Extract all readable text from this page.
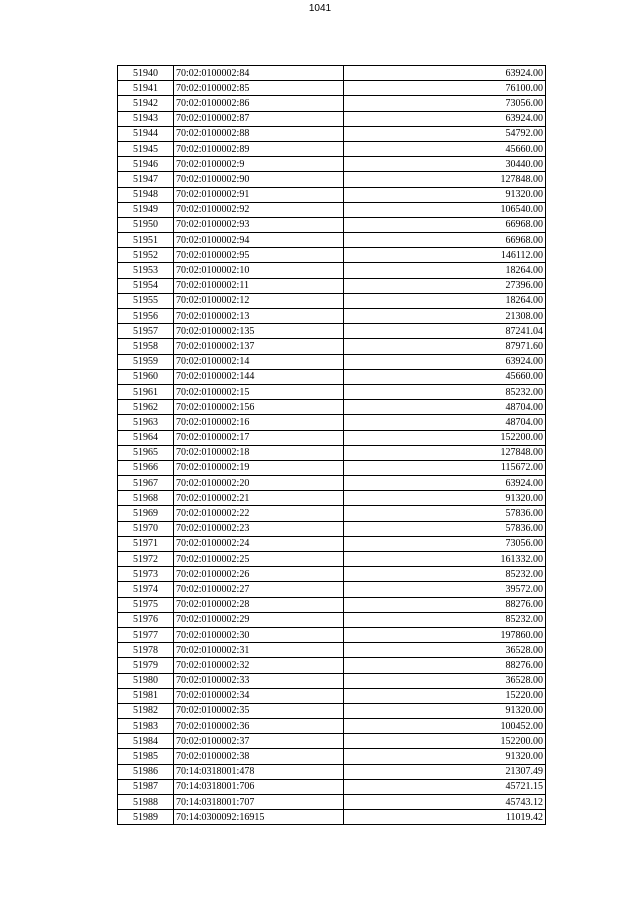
1041
51940	70:02:0100002:84	63924.00
51941	70:02:0100002:85	76100.00
51942	70:02:0100002:86	73056.00
51943	70:02:0100002:87	63924.00
51944	70:02:0100002:88	54792.00
51945	70:02:0100002:89	45660.00
51946	70:02:0100002:9	30440.00
51947	70:02:0100002:90	127848.00
51948	70:02:0100002:91	91320.00
51949	70:02:0100002:92	106540.00
51950	70:02:0100002:93	66968.00
51951	70:02:0100002:94	66968.00
51952	70:02:0100002:95	146112.00
51953	70:02:0100002:10	18264.00
51954	70:02:0100002:11	27396.00
51955	70:02:0100002:12	18264.00
51956	70:02:0100002:13	21308.00
51957	70:02:0100002:135	87241.04
51958	70:02:0100002:137	87971.60
51959	70:02:0100002:14	63924.00
51960	70:02:0100002:144	45660.00
51961	70:02:0100002:15	85232.00
51962	70:02:0100002:156	48704.00
51963	70:02:0100002:16	48704.00
51964	70:02:0100002:17	152200.00
51965	70:02:0100002:18	127848.00
51966	70:02:0100002:19	115672.00
51967	70:02:0100002:20	63924.00
51968	70:02:0100002:21	91320.00
51969	70:02:0100002:22	57836.00
51970	70:02:0100002:23	57836.00
51971	70:02:0100002:24	73056.00
51972	70:02:0100002:25	161332.00
51973	70:02:0100002:26	85232.00
51974	70:02:0100002:27	39572.00
51975	70:02:0100002:28	88276.00
51976	70:02:0100002:29	85232.00
51977	70:02:0100002:30	197860.00
51978	70:02:0100002:31	36528.00
51979	70:02:0100002:32	88276.00
51980	70:02:0100002:33	36528.00
51981	70:02:0100002:34	15220.00
51982	70:02:0100002:35	91320.00
51983	70:02:0100002:36	100452.00
51984	70:02:0100002:37	152200.00
51985	70:02:0100002:38	91320.00
51986	70:14:0318001:478	21307.49
51987	70:14:0318001:706	45721.15
51988	70:14:0318001:707	45743.12
51989	70:14:0300092:16915	11019.42
